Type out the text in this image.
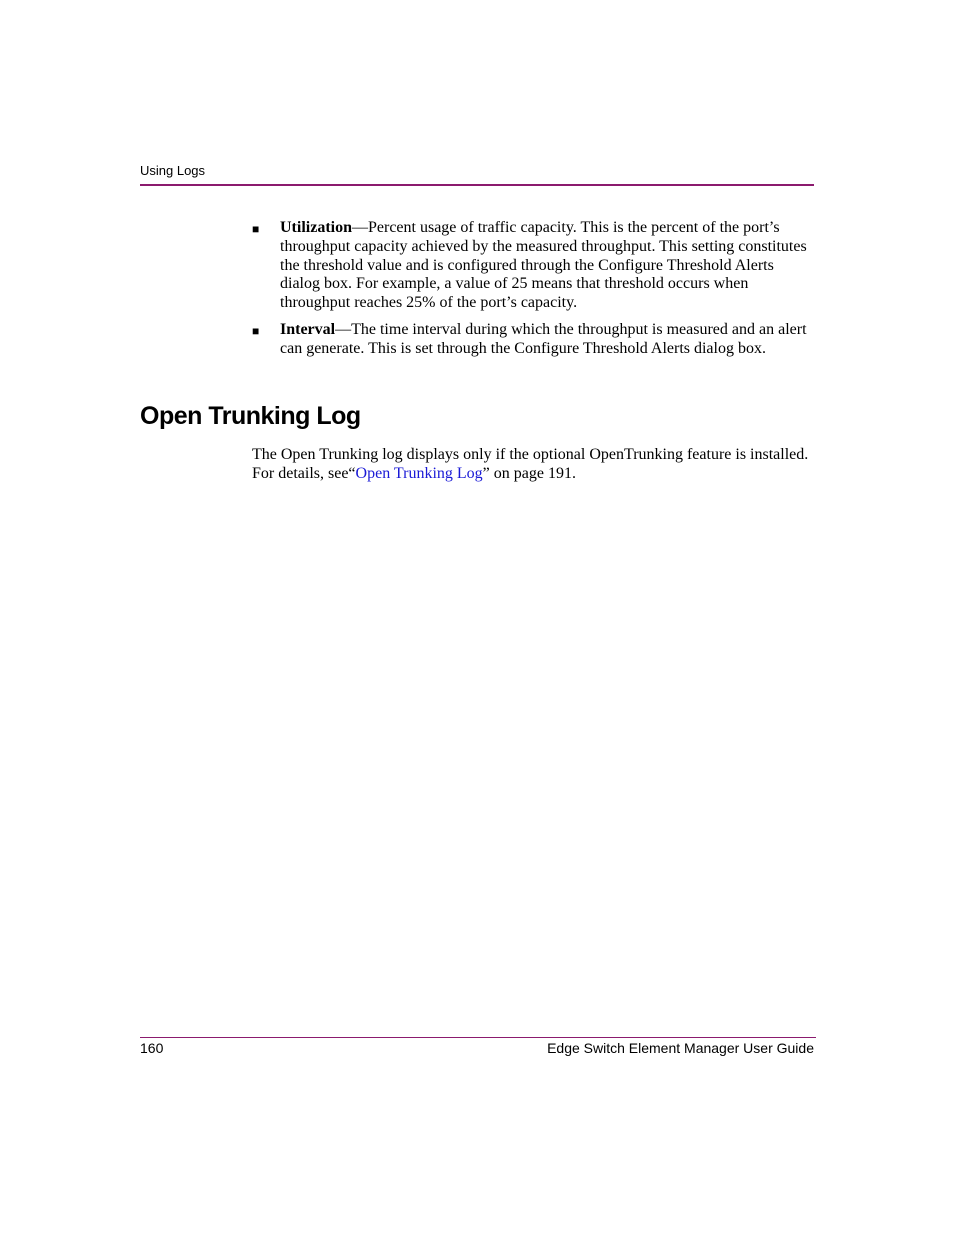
Using Logs
■	Utilization—Percent usage of traffic capacity. This is the percent of the port’s throughput capacity achieved by the measured throughput. This setting constitutes the threshold value and is configured through the Configure Threshold Alerts dialog box. For example, a value of 25 means that threshold occurs when throughput reaches 25% of the port’s capacity.
■	Interval—The time interval during which the throughput is measured and an alert can generate. This is set through the Configure Threshold Alerts dialog box.
Open Trunking Log

The Open Trunking log displays only if the optional OpenTrunking feature is installed. For details, see“Open Trunking Log” on page 191.

160	Edge Switch Element Manager User Guide
